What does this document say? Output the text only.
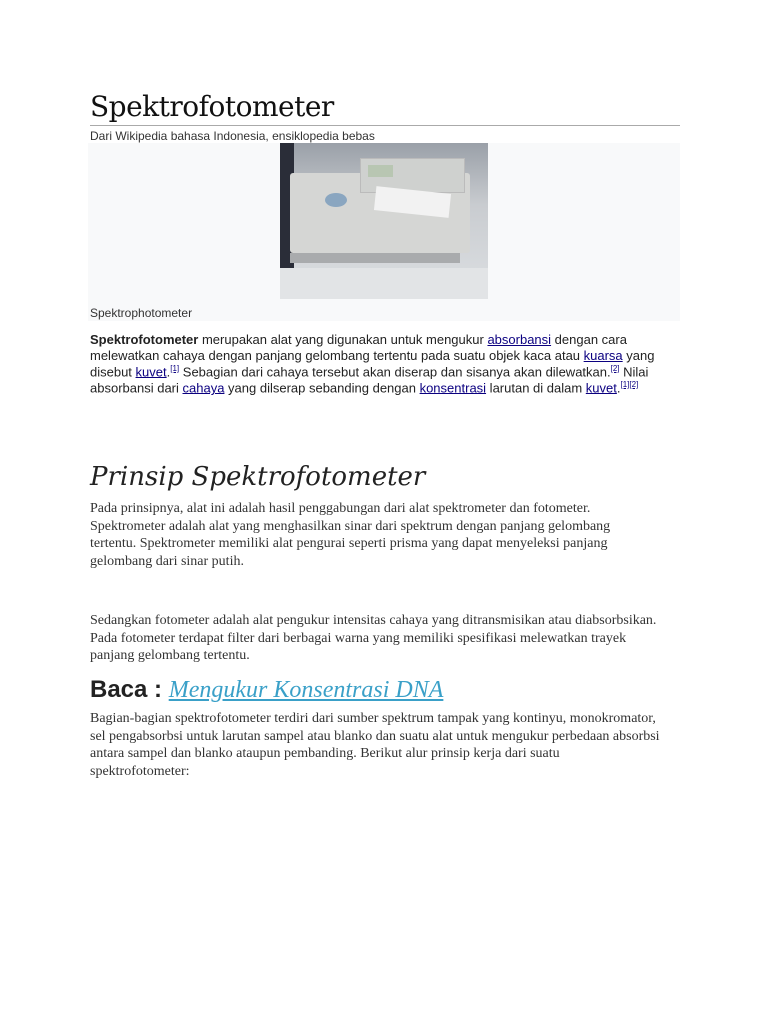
Spektrofotometer
Dari Wikipedia bahasa Indonesia, ensiklopedia bebas
Spektrophotometer
Spektrofotometer merupakan alat yang digunakan untuk mengukur absorbansi dengan cara
melewatkan cahaya dengan panjang gelombang tertentu pada suatu objek kaca atau kuarsa yang
disebut kuvet.[1] Sebagian dari cahaya tersebut akan diserap dan sisanya akan dilewatkan.[2] Nilai
absorbansi dari cahaya yang dilserap sebanding dengan konsentrasi larutan di dalam kuvet.[1][2]
Prinsip Spektrofotometer
Pada prinsipnya, alat ini adalah hasil penggabungan dari alat spektrometer dan fotometer.
Spektrometer adalah alat yang menghasilkan sinar dari spektrum dengan panjang gelombang
tertentu. Spektrometer memiliki alat pengurai seperti prisma yang dapat menyeleksi panjang
gelombang dari sinar putih.
Sedangkan fotometer adalah alat pengukur intensitas cahaya yang ditransmisikan atau diabsorbsikan.
Pada fotometer terdapat filter dari berbagai warna yang memiliki spesifikasi melewatkan trayek
panjang gelombang tertentu.
Baca : Mengukur Konsentrasi DNA
Bagian-bagian spektrofotometer terdiri dari sumber spektrum tampak yang kontinyu, monokromator,
sel pengabsorbsi untuk larutan sampel atau blanko dan suatu alat untuk mengukur perbedaan absorbsi
antara sampel dan blanko ataupun pembanding. Berikut alur prinsip kerja dari suatu
spektrofotometer:
